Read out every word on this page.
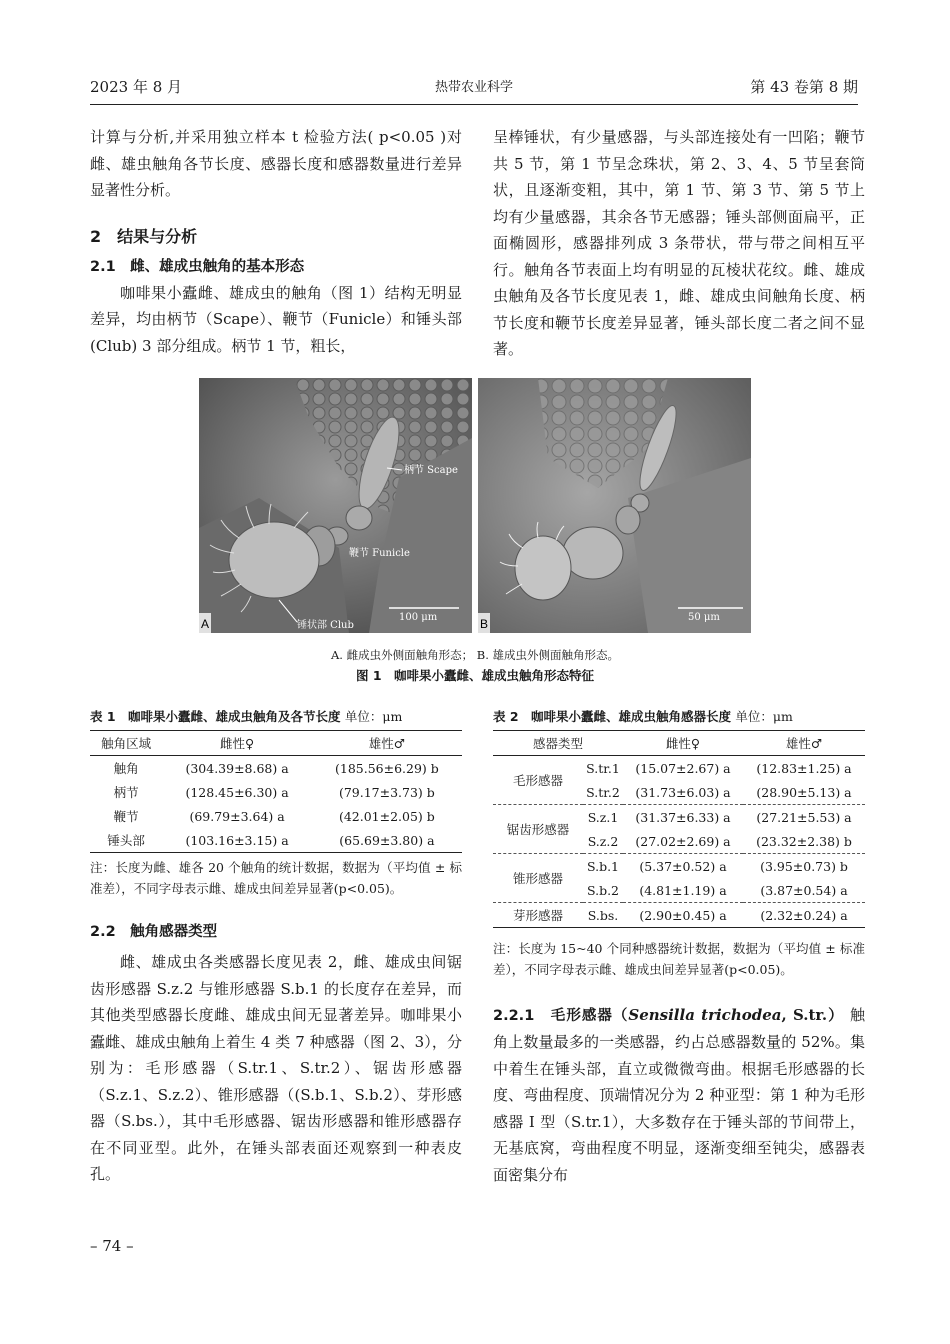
2023 年 8 月	热带农业科学	第 43 卷第 8 期

计算与分析,并采用独立样本 t 检验方法( p<0.05 )对雌、雄虫触角各节长度、感器长度和感器数量进行差异显著性分析。

2　结果与分析
2.1　雌、雄成虫触角的基本形态

咖啡果小蠹雌、雄成虫的触角（图 1）结构无明显差异，均由柄节（Scape）、鞭节（Funicle）和锤头部(Club) 3 部分组成。柄节 1 节，粗长，

呈棒锤状，有少量感器，与头部连接处有一凹陷；鞭节共 5 节，第 1 节呈念珠状，第 2、3、4、5 节呈套筒状，且逐渐变粗，其中，第 1 节、第 3 节、第 5 节上均有少量感器，其余各节无感器；锤头部侧面扁平，正面椭圆形，感器排列成 3 条带状，带与带之间相互平行。触角各节表面上均有明显的瓦棱状花纹。雌、雄成虫触角及各节长度见表 1，雌、雄成虫间触角长度、柄节长度和鞭节长度差异显著，锤头部长度二者之间不显著。

A
柄节 Scape
鞭节 Funicle
锤状部 Club
100 μm	B	50 μm
A. 雌成虫外侧面触角形态； B. 雄成虫外侧面触角形态。
图 1　咖啡果小蠹雌、雄成虫触角形态特征
表 1　咖啡果小蠹雌、雄成虫触角及各节长度 单位：μm
触角区域	雌性♀	雄性♂
触角	(304.39±8.68) a	(185.56±6.29) b
柄节	(128.45±6.30) a	(79.17±3.73) b
鞭节	(69.79±3.64) a	(42.01±2.05) b
锤头部	(103.16±3.15) a	(65.69±3.80) a

注：长度为雌、雄各 20 个触角的统计数据，数据为（平均值 ± 标准差），不同字母表示雌、雄成虫间差异显著(p<0.05)。

2.2　触角感器类型

雌、雄成虫各类感器长度见表 2，雌、雄成虫间锯齿形感器 S.z.2 与锥形感器 S.b.1 的长度存在差异，而其他类型感器长度雌、雄成虫间无显著差异。咖啡果小蠹雌、雄成虫触角上着生 4 类 7 种感器（图 2、3），分别为：毛形感器（S.tr.1、S.tr.2）、锯齿形感器（S.z.1、S.z.2）、锥形感器（(S.b.1、S.b.2）、芽形感器（S.bs.），其中毛形感器、锯齿形感器和锥形感器存在不同亚型。此外，在锤头部表面还观察到一种表皮孔。

表 2　咖啡果小蠹雌、雄成虫触角感器长度 单位：μm
感器类型		雌性♀	雄性♂
毛形感器	S.tr.1	(15.07±2.67) a	(12.83±1.25) a
	S.tr.2	(31.73±6.03) a	(28.90±5.13) a
锯齿形感器	S.z.1	(31.37±6.33) a	(27.21±5.53) a
	S.z.2	(27.02±2.69) a	(23.32±2.38) b
锥形感器	S.b.1	(5.37±0.52) a	(3.95±0.73) b
	S.b.2	(4.81±1.19) a	(3.87±0.54) a
芽形感器	S.bs.	(2.90±0.45) a	(2.32±0.24) a

注：长度为 15~40 个同种感器统计数据，数据为（平均值 ± 标准差），不同字母表示雌、雄成虫间差异显著(p<0.05)。

2.2.1　毛形感器（Sensilla trichodea, S.tr.） 触角上数量最多的一类感器，约占总感器数量的 52%。集中着生在锤头部，直立或微微弯曲。根据毛形感器的长度、弯曲程度、顶端情况分为 2 种亚型：第 1 种为毛形感器 Ⅰ 型（S.tr.1），大多数存在于锤头部的节间带上，无基底窝，弯曲程度不明显，逐渐变细至钝尖，感器表面密集分布
– 74 –
